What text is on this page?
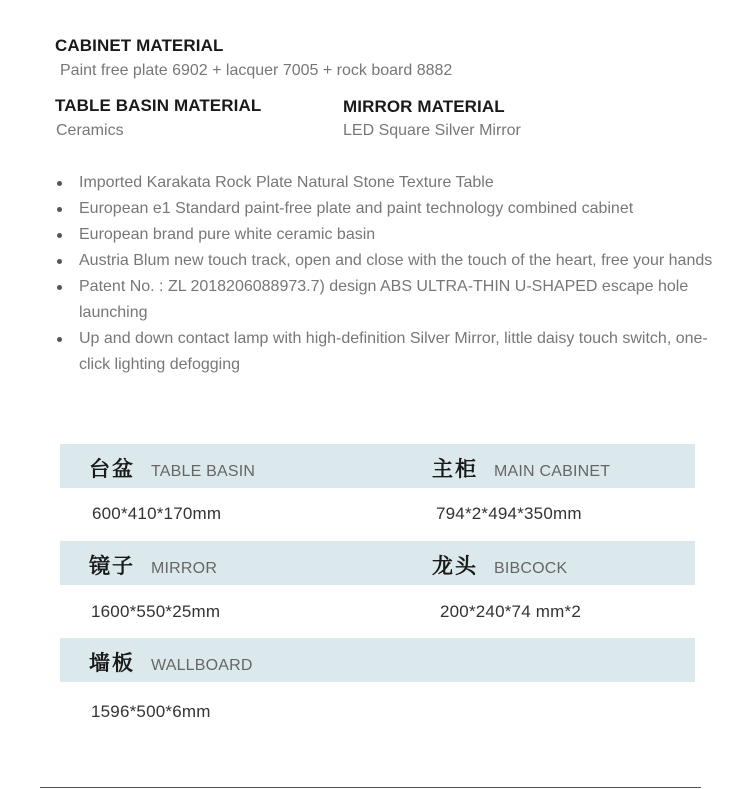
CABINET MATERIAL
Paint free plate 6902 + lacquer 7005 + rock board 8882
TABLE BASIN MATERIAL
Ceramics
MIRROR MATERIAL
LED Square Silver Mirror
Imported Karakata Rock Plate Natural Stone Texture Table
European e1 Standard paint-free plate and paint technology combined cabinet
European brand pure white ceramic basin
Austria Blum new touch track, open and close with the touch of the heart, free your hands
Patent No. : ZL 2018206088973.7) design ABS ULTRA-THIN U-SHAPED escape hole launching
Up and down contact lamp with high-definition Silver Mirror, little daisy touch switch, one-click lighting defogging
台盆 TABLE BASIN
600*410*170mm
主柜 MAIN CABINET
794*2*494*350mm
镜子 MIRROR
1600*550*25mm
龙头 BIBCOCK
200*240*74 mm*2
墙板 WALLBOARD
1596*500*6mm
